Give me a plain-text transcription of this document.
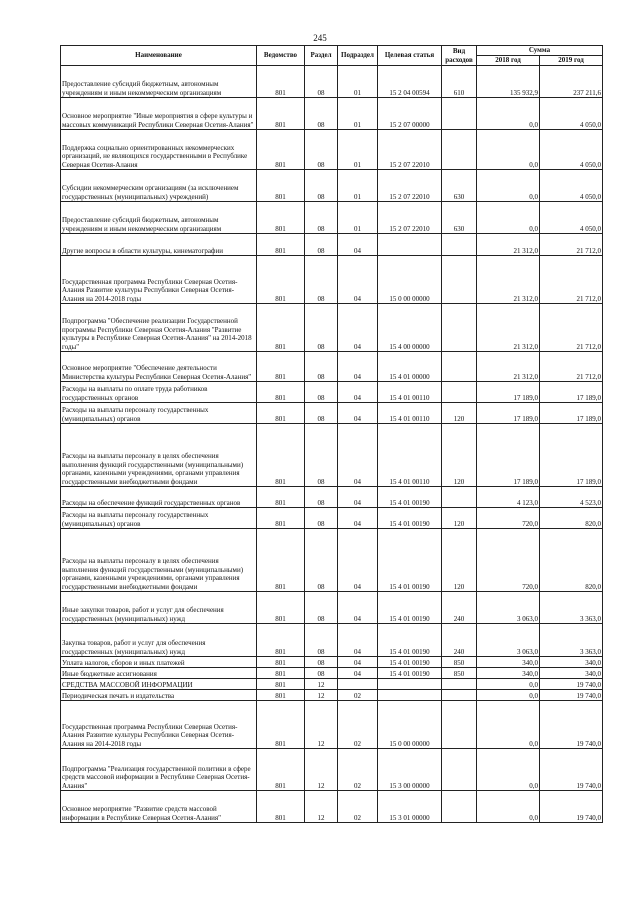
245
Наименование	Ведомство	Раздел	Подраздел	Целевая статья	Вид расходов	Сумма	
						2018 год	2019 год
Предоставление субсидий бюджетным, автономным учреждениям и иным некоммерческим организациям	801	08	01	15 2 04 00594	610	135 932,9	237 211,6
Основное мероприятие "Иные мероприятия в сфере культуры и массовых коммуникаций Республики Северная Осетия-Алания"	801	08	01	15 2 07 00000		0,0	4 050,0
Поддержка социально ориентированных некоммерческих организаций, не являющихся государственными в Республике Северная Осетия-Алания	801	08	01	15 2 07 22010		0,0	4 050,0
Субсидии некоммерческим организациям (за исключением государственных (муниципальных) учреждений)	801	08	01	15 2 07 22010	630	0,0	4 050,0
Предоставление субсидий бюджетным, автономным учреждениям и иным некоммерческим организациям	801	08	01	15 2 07 22010	630	0,0	4 050,0
Другие вопросы в области культуры, кинематографии	801	08	04			21 312,0	21 712,0
Государственная программа Республики Северная Осетия-Алания Развитие культуры Республики Северная Осетия-Алания на 2014-2018 годы	801	08	04	15 0 00 00000		21 312,0	21 712,0
Подпрограмма "Обеспечение реализации Государственной программы Республики Северная Осетия-Алания "Развитие культуры в Республике Северная Осетия-Алания" на 2014-2018 годы"	801	08	04	15 4 00 00000		21 312,0	21 712,0
Основное мероприятие "Обеспечение деятельности Министерства культуры Республики Северная Осетия-Алания"	801	08	04	15 4 01 00000		21 312,0	21 712,0
Расходы на выплаты по оплате труда работников государственных органов	801	08	04	15 4 01 00110		17 189,0	17 189,0
Расходы на выплаты персоналу государственных (муниципальных) органов	801	08	04	15 4 01 00110	120	17 189,0	17 189,0
Расходы на выплаты персоналу в целях обеспечения выполнения функций государственными (муниципальными) органами, казенными учреждениями, органами управления государственными внебюджетными фондами	801	08	04	15 4 01 00110	120	17 189,0	17 189,0
Расходы на обеспечение функций государственных органов	801	08	04	15 4 01 00190		4 123,0	4 523,0
Расходы на выплаты персоналу государственных (муниципальных) органов	801	08	04	15 4 01 00190	120	720,0	820,0
Расходы на выплаты персоналу в целях обеспечения выполнения функций государственными (муниципальными) органами, казенными учреждениями, органами управления государственными внебюджетными фондами	801	08	04	15 4 01 00190	120	720,0	820,0
Иные закупки товаров, работ и услуг для обеспечения государственных (муниципальных) нужд	801	08	04	15 4 01 00190	240	3 063,0	3 363,0
Закупка товаров, работ и услуг для обеспечения государственных (муниципальных) нужд	801	08	04	15 4 01 00190	240	3 063,0	3 363,0
Уплата налогов, сборов и иных платежей	801	08	04	15 4 01 00190	850	340,0	340,0
Иные бюджетные ассигнования	801	08	04	15 4 01 00190	850	340,0	340,0
СРЕДСТВА МАССОВОЙ ИНФОРМАЦИИ	801	12				0,0	19 740,0
Периодическая печать и издательства	801	12	02			0,0	19 740,0
Государственная программа Республики Северная Осетия-Алания Развитие культуры Республики Северная Осетия-Алания на 2014-2018 годы	801	12	02	15 0 00 00000		0,0	19 740,0
Подпрограмма "Реализация государственной политики в сфере средств массовой информации в Республике Северная Осетия-Алания"	801	12	02	15 3 00 00000		0,0	19 740,0
Основное мероприятие "Развитие средств массовой информации в Республике Северная Осетия-Алания"	801	12	02	15 3 01 00000		0,0	19 740,0
